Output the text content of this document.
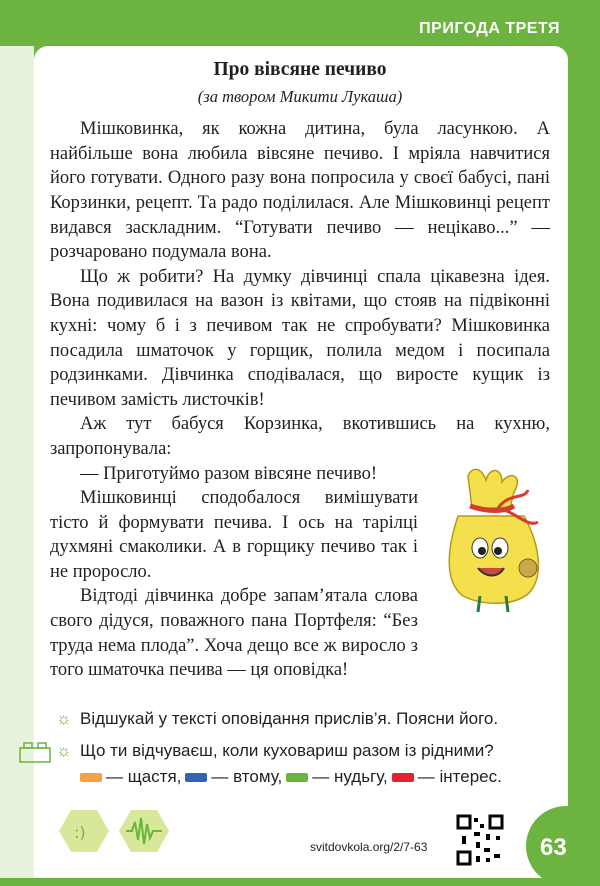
ПРИГОДА ТРЕТЯ
Про вівсяне печиво
(за твором Микити Лукаша)

Мішковинка, як кожна дитина, була ласункою. А найбільше вона любила вівсяне печиво. І мріяла навчитися його готувати. Одного разу вона попросила у своєї бабусі, пані Корзинки, рецепт. Та радо поділилася. Але Мішковинці рецепт видався заскладним. “Готувати печиво — нецікаво...” — розчаровано подумала вона.

Що ж робити? На думку дівчинці спала цікавезна ідея. Вона подивилася на вазон із квітами, що стояв на підвіконні кухні: чому б і з печивом так не спробувати? Мішковинка посадила шматочок у горщик, полила медом і посипала родзинками. Дівчинка сподівалася, що виросте кущик із печивом замість листочків!

Аж тут бабуся Корзинка, вкотившись на кухню, запропонувала:

— Приготуймо разом вівсяне печиво!

Мішковинці сподобалося вимішувати тісто й формувати печива. І ось на тарілці духмяні смаколики. А в горщику печиво так і не проросло.

Відтоді дівчинка добре запам’ятала слова свого дідуся, поважного пана Портфеля: “Без труда нема плода”. Хоча дещо все ж виросло з того шматочка печива — ця оповідка!

☼ Відшукай у тексті оповідання прислів’я. Поясни його.
☼ Що ти відчуваєш, коли куховариш разом із рідними?
— щастя,	— втому,	— нудьгу,	— інтерес.
:)
svitdovkola.org/2/7-63	63
